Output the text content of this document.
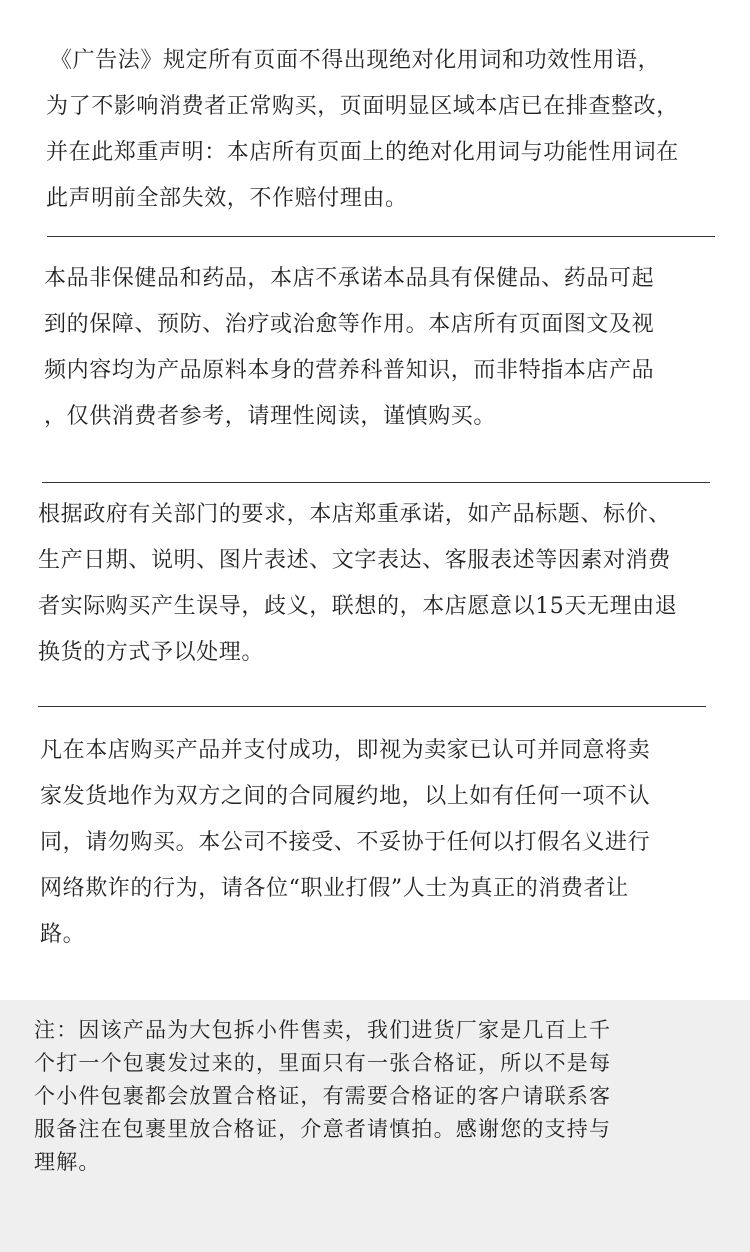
《广告法》规定所有页面不得出现绝对化用词和功效性用语，
为了不影响消费者正常购买，页面明显区域本店已在排查整改，
并在此郑重声明：本店所有页面上的绝对化用词与功能性用词在
此声明前全部失效，不作赔付理由。
本品非保健品和药品，本店不承诺本品具有保健品、药品可起
到的保障、预防、治疗或治愈等作用。本店所有页面图文及视
频内容均为产品原料本身的营养科普知识，而非特指本店产品
，仅供消费者参考，请理性阅读，谨慎购买。
根据政府有关部门的要求，本店郑重承诺，如产品标题、标价、
生产日期、说明、图片表述、文字表达、客服表述等因素对消费
者实际购买产生误导，歧义，联想的，本店愿意以15天无理由退
换货的方式予以处理。
凡在本店购买产品并支付成功，即视为卖家已认可并同意将卖
家发货地作为双方之间的合同履约地，以上如有任何一项不认
同，请勿购买。本公司不接受、不妥协于任何以打假名义进行
网络欺诈的行为，请各位“职业打假”人士为真正的消费者让
路。
注：因该产品为大包拆小件售卖，我们进货厂家是几百上千
个打一个包裹发过来的，里面只有一张合格证，所以不是每
个小件包裹都会放置合格证，有需要合格证的客户请联系客
服备注在包裹里放合格证，介意者请慎拍。感谢您的支持与
理解。
